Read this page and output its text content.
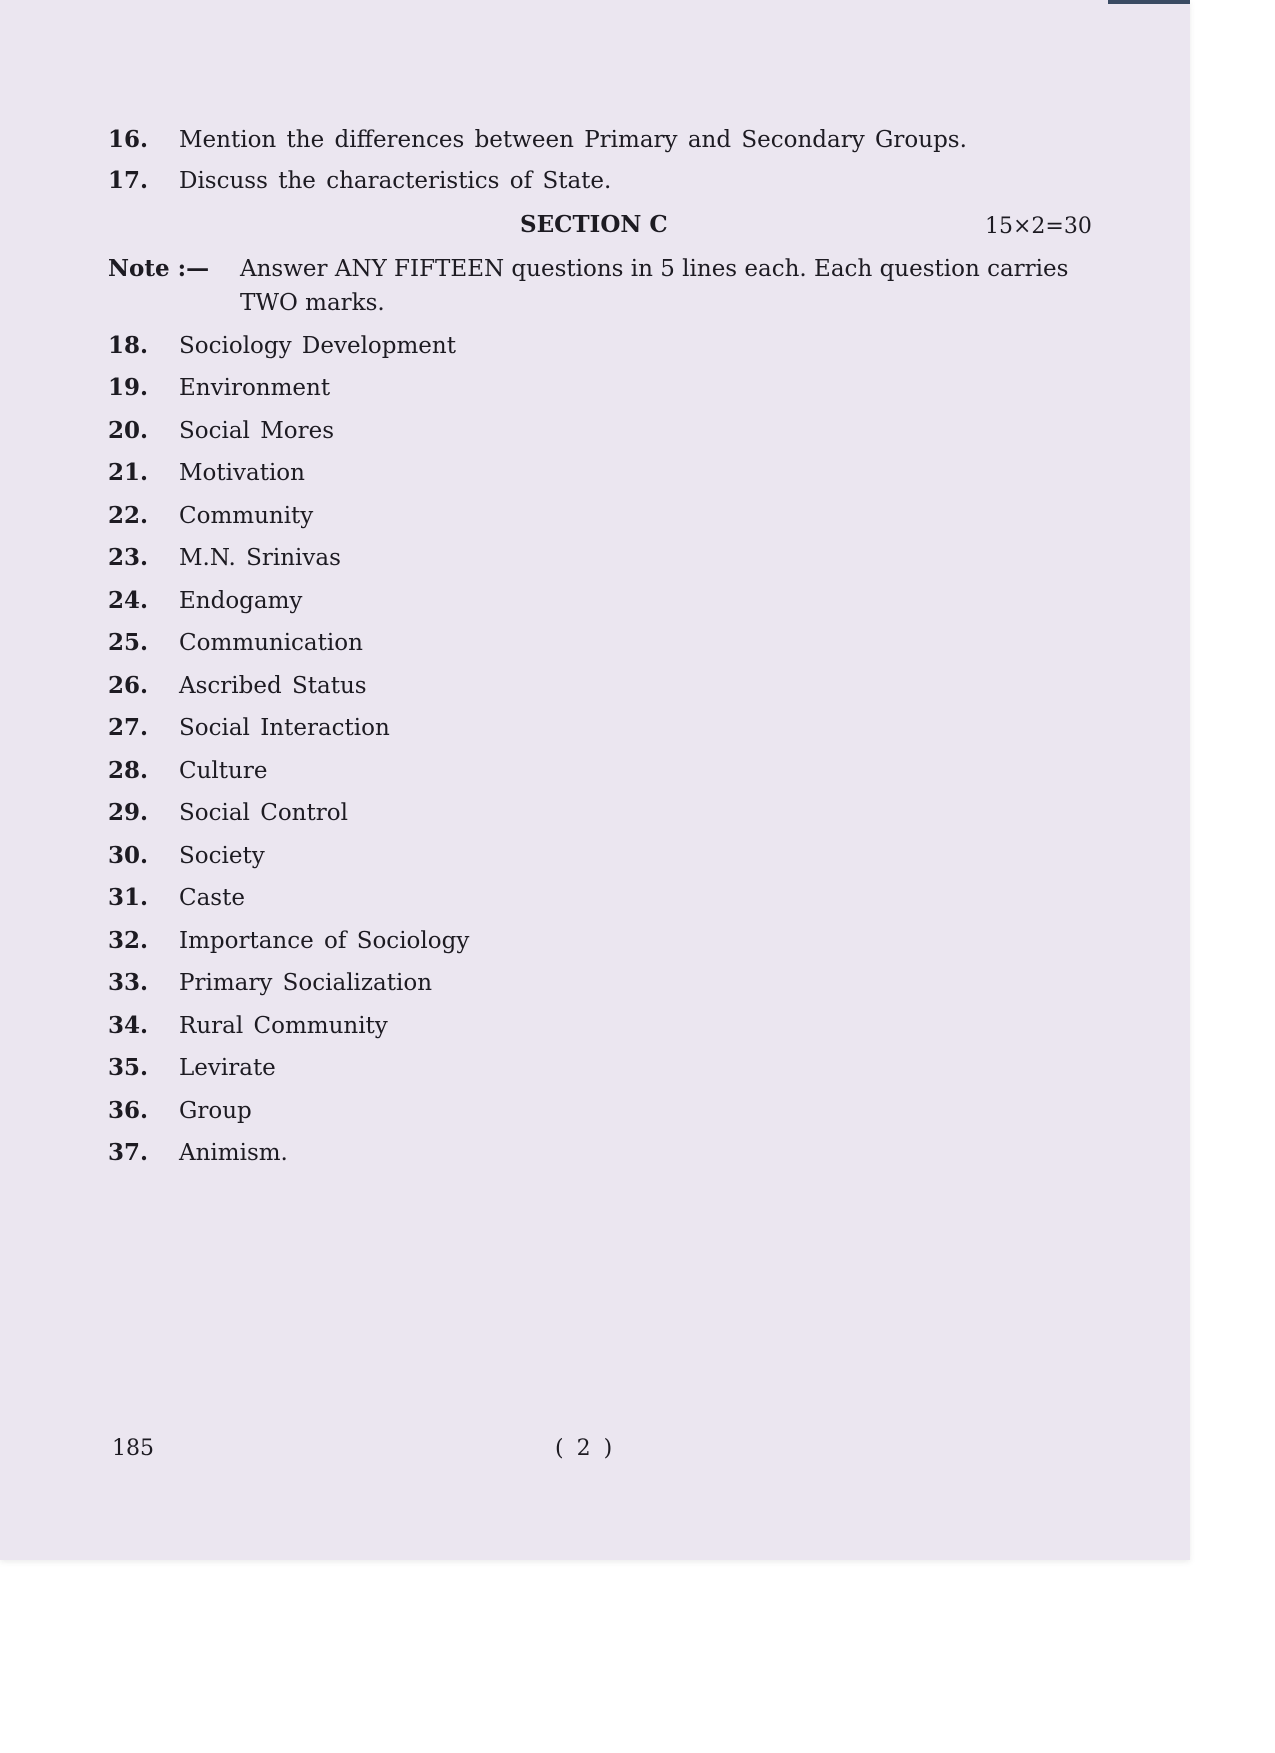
16. Mention the differences between Primary and Secondary Groups.
17. Discuss the characteristics of State.
SECTION C	15×2=30
Note :— Answer ANY FIFTEEN questions in 5 lines each. Each question carries TWO marks.
18. Sociology Development
19. Environment
20. Social Mores
21. Motivation
22. Community
23. M.N. Srinivas
24. Endogamy
25. Communication
26. Ascribed Status
27. Social Interaction
28. Culture
29. Social Control
30. Society
31. Caste
32. Importance of Sociology
33. Primary Socialization
34. Rural Community
35. Levirate
36. Group
37. Animism.
185	( 2 )
